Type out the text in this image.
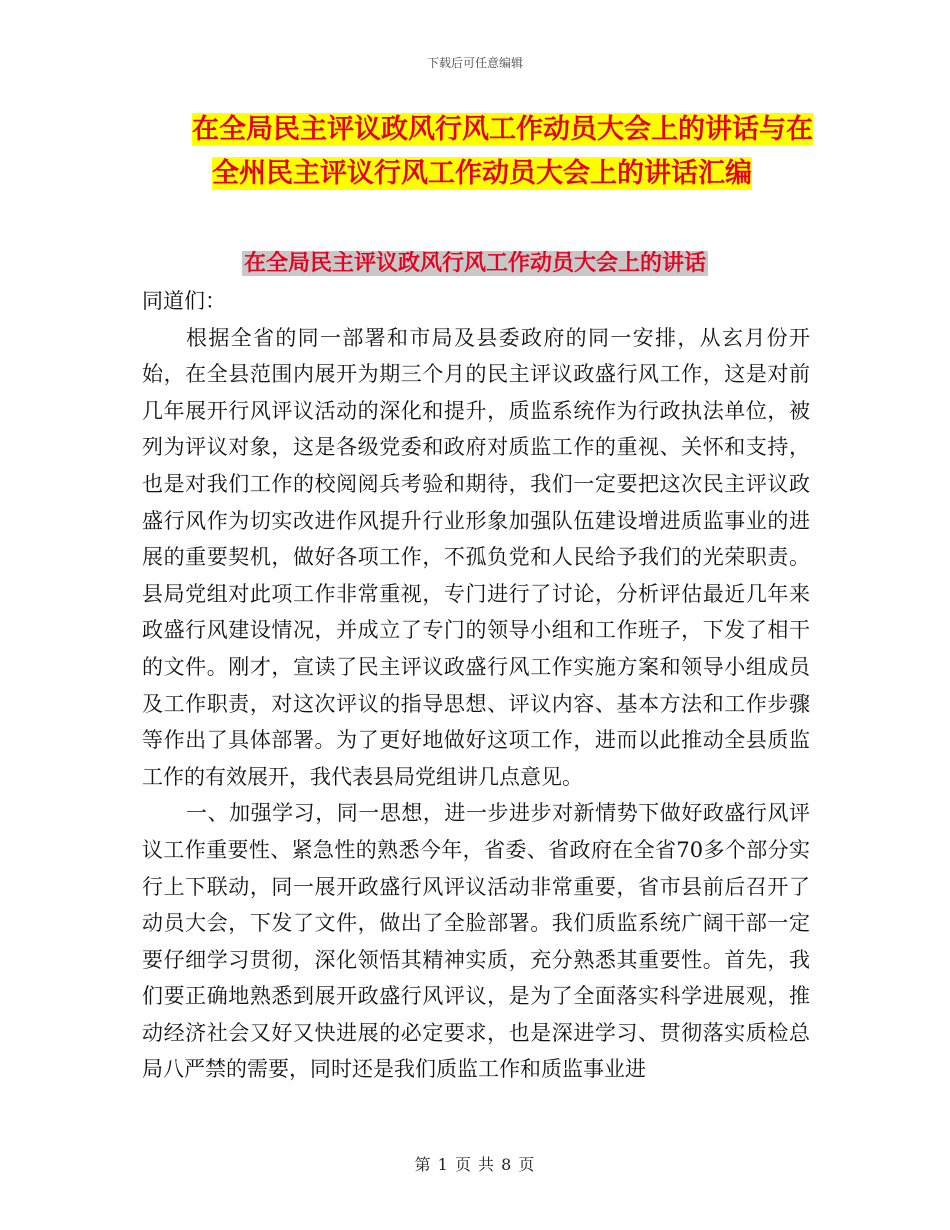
下载后可任意编辑
在全局民主评议政风行风工作动员大会上的讲话与在
全州民主评议行风工作动员大会上的讲话汇编
在全局民主评议政风行风工作动员大会上的讲话

同道们：

根据全省的同一部署和市局及县委政府的同一安排，从玄月份开始，在全县范围内展开为期三个月的民主评议政盛行风工作，这是对前几年展开行风评议活动的深化和提升，质监系统作为行政执法单位，被列为评议对象，这是各级党委和政府对质监工作的重视、关怀和支持，也是对我们工作的校阅阅兵考验和期待，我们一定要把这次民主评议政盛行风作为切实改进作风提升行业形象加强队伍建设增进质监事业的进展的重要契机，做好各项工作，不孤负党和人民给予我们的光荣职责。县局党组对此项工作非常重视，专门进行了讨论，分析评估最近几年来政盛行风建设情况，并成立了专门的领导小组和工作班子，下发了相干的文件。刚才，宣读了民主评议政盛行风工作实施方案和领导小组成员及工作职责，对这次评议的指导思想、评议内容、基本方法和工作步骤等作出了具体部署。为了更好地做好这项工作，进而以此推动全县质监工作的有效展开，我代表县局党组讲几点意见。

一、加强学习，同一思想，进一步进步对新情势下做好政盛行风评议工作重要性、紧急性的熟悉今年，省委、省政府在全省70多个部分实行上下联动，同一展开政盛行风评议活动非常重要，省市县前后召开了动员大会，下发了文件，做出了全脸部署。我们质监系统广阔干部一定要仔细学习贯彻，深化领悟其精神实质，充分熟悉其重要性。首先，我们要正确地熟悉到展开政盛行风评议，是为了全面落实科学进展观，推动经济社会又好又快进展的必定要求，也是深进学习、贯彻落实质检总局八严禁的需要，同时还是我们质监工作和质监事业进

第 1 页 共 8 页
